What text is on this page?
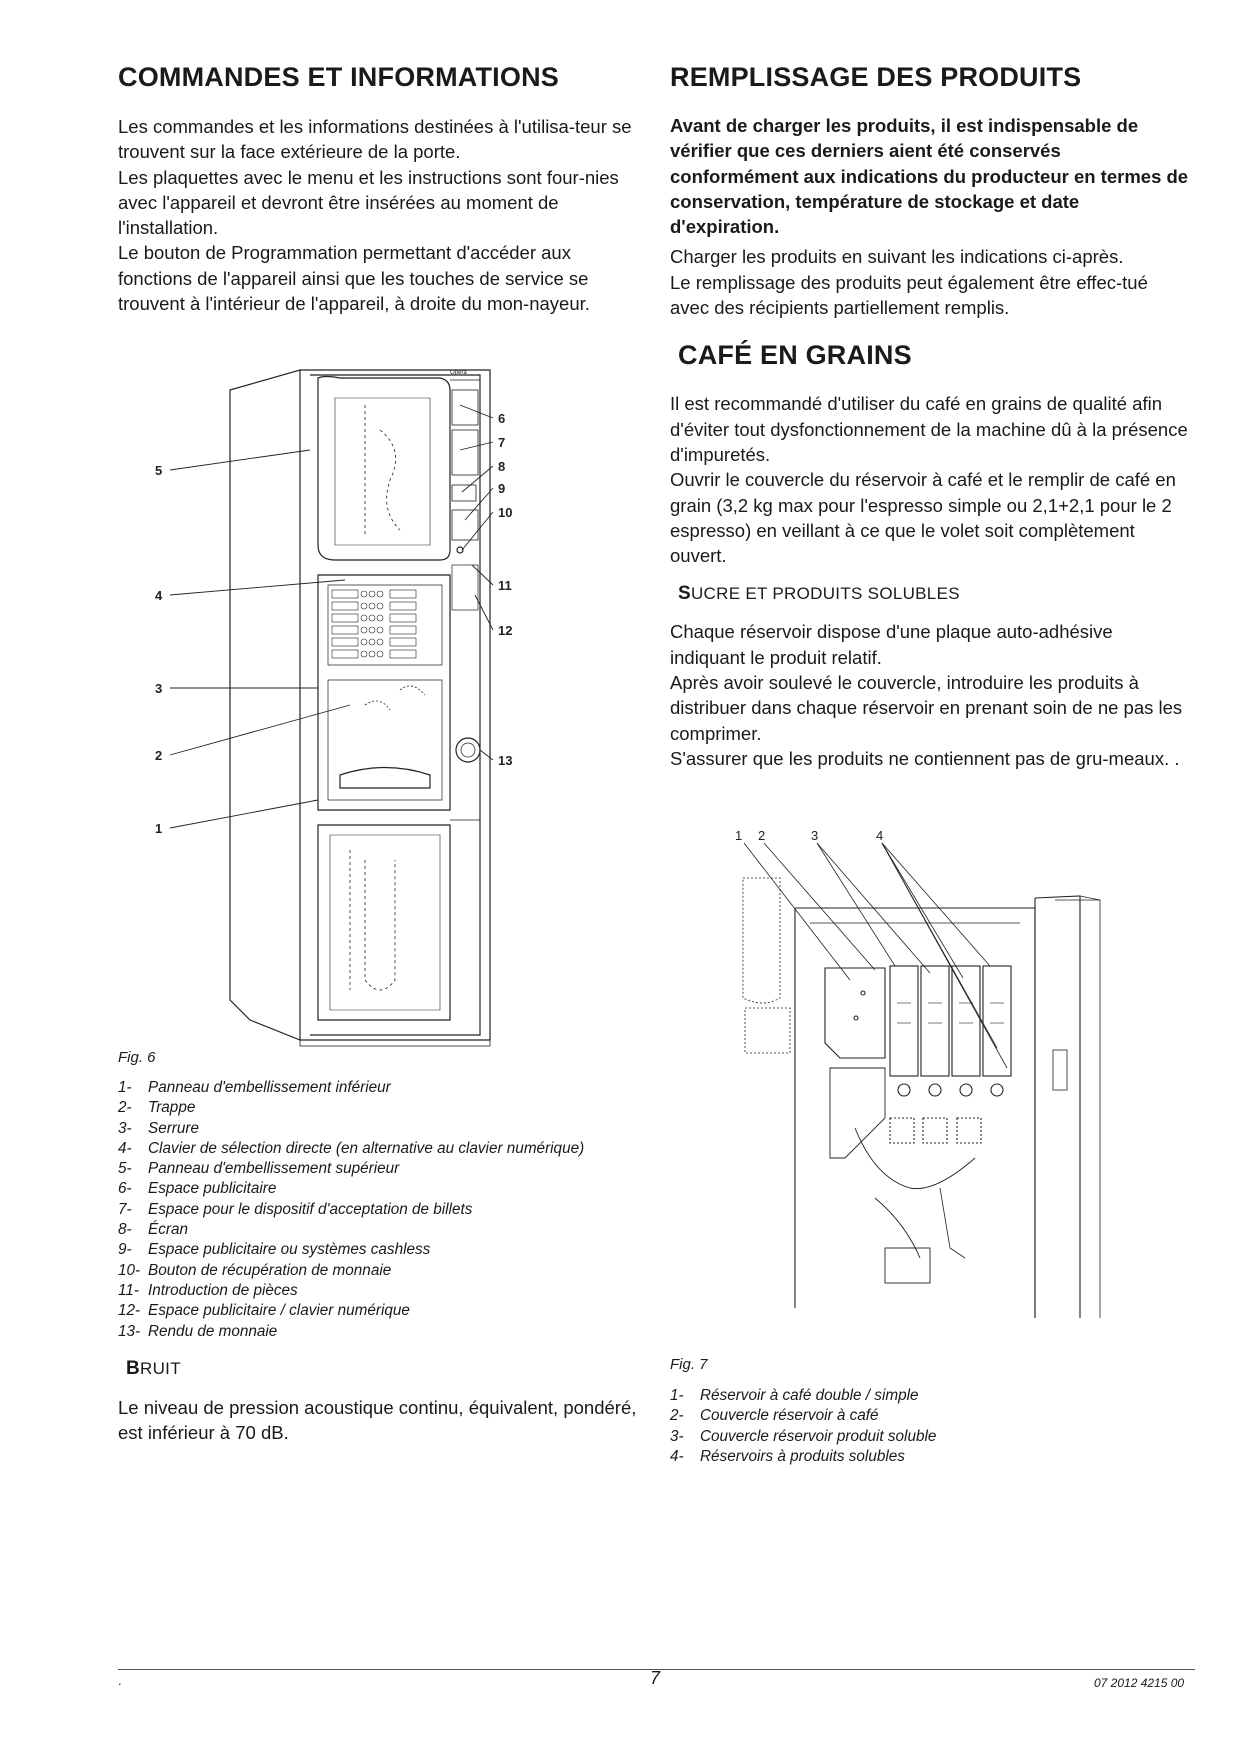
COMMANDES ET INFORMATIONS

Les commandes et les informations destinées à l'utilisa-teur se trouvent sur la face extérieure de la porte.

Les plaquettes avec le menu et les instructions sont four-nies avec l'appareil et devront être insérées au moment de l'installation.

Le bouton de Programmation permettant d'accéder aux fonctions de l'appareil ainsi que les touches de service se trouvent à l'intérieur de l'appareil, à droite du mon-nayeur.

Opera
1
2
3
4
5
6
7
8
9
10
11
12
13
Fig. 6
1-	Panneau d'embellissement inférieur
2-	Trappe
3-	Serrure
4-	Clavier de sélection directe (en alternative au clavier numérique)
5-	Panneau d'embellissement supérieur
6-	Espace publicitaire
7-	Espace pour le dispositif d'acceptation de billets
8-	Écran
9-	Espace publicitaire ou systèmes cashless
10- Bouton de récupération de monnaie
11- Introduction de pièces
12- Espace publicitaire / clavier numérique
13- Rendu de monnaie
BRUIT

Le niveau de pression acoustique continu, équivalent, pondéré, est inférieur à 70 dB.

REMPLISSAGE DES PRODUITS

Avant de charger les produits, il est indispensable de vérifier que ces derniers aient été conservés conformément aux indications du producteur en termes de conservation, température de stockage et date d'expiration.

Charger les produits en suivant les indications ci-après.

Le remplissage des produits peut également être effec-tué avec des récipients partiellement remplis.

CAFÉ EN GRAINS

Il est recommandé d'utiliser du café en grains de qualité afin d'éviter tout dysfonctionnement de la machine dû à la présence d'impuretés.

Ouvrir le couvercle du réservoir à café et le remplir de café en grain (3,2 kg max pour l'espresso simple ou 2,1+2,1 pour le 2 espresso) en veillant à ce que le volet soit complètement ouvert.

SUCRE ET PRODUITS SOLUBLES

Chaque réservoir dispose d'une plaque auto-adhésive indiquant le produit relatif.

Après avoir soulevé le couvercle, introduire les produits à distribuer dans chaque réservoir en prenant soin de ne pas les comprimer.

S'assurer que les produits ne contiennent pas de gru-meaux. .

1 2	3	4
Fig. 7
1-	Réservoir à café double / simple
2-	Couvercle réservoir à café
3-	Couvercle réservoir produit soluble
4-	Réservoirs à produits solubles
.	7	07 2012 4215 00
